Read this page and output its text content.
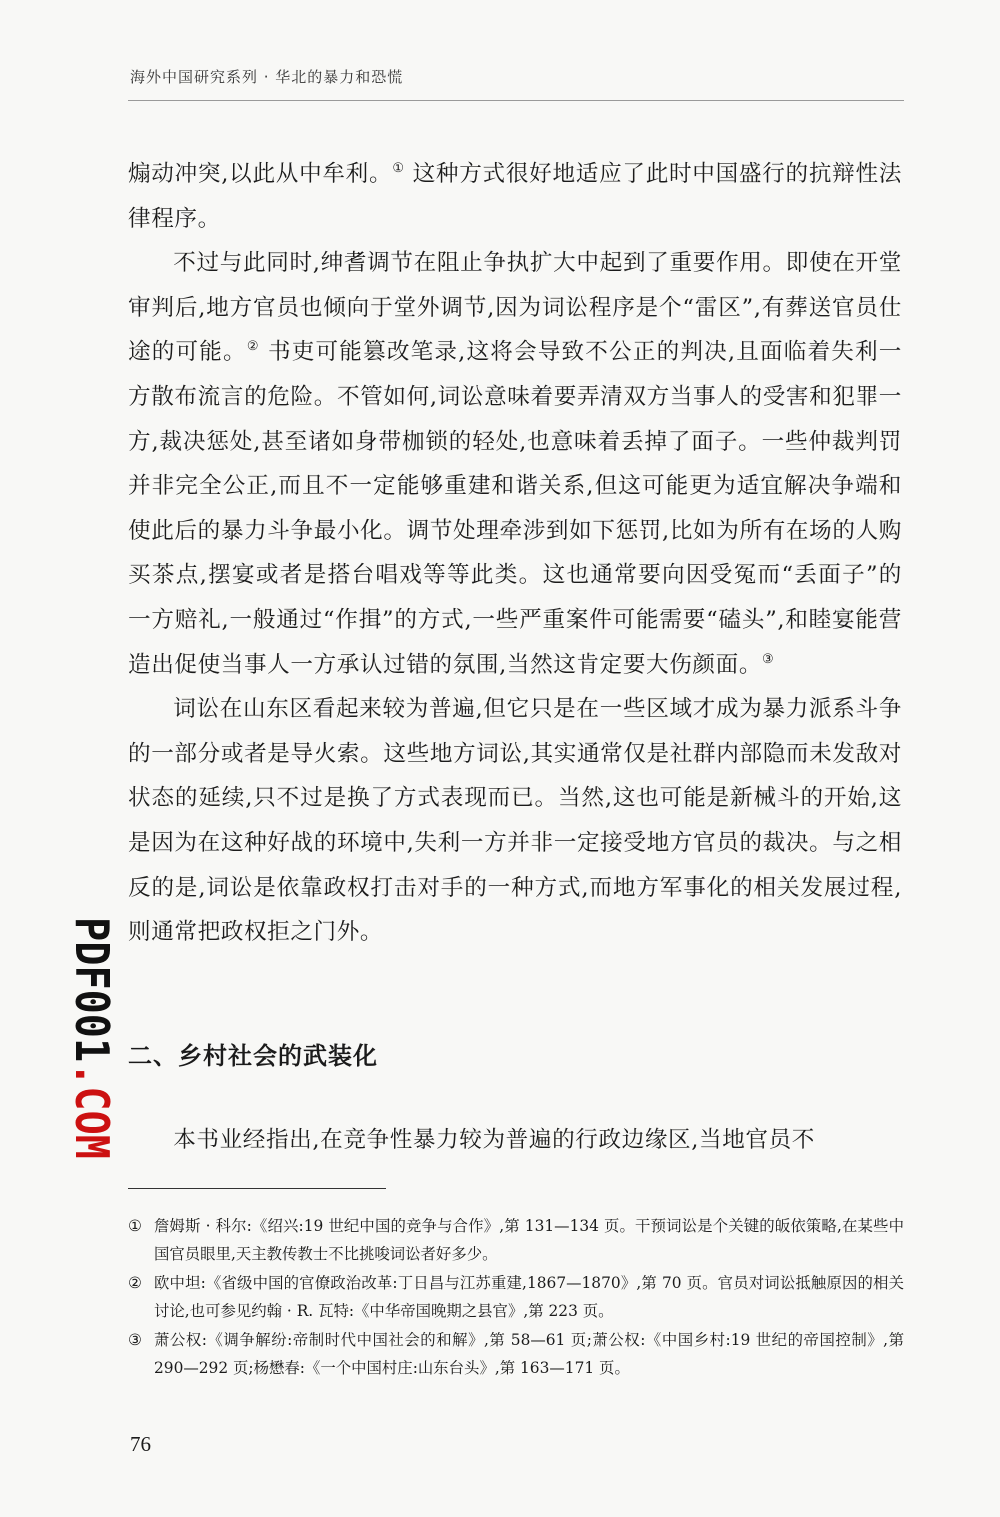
海外中国研究系列 · 华北的暴力和恐慌

煽动冲突,以此从中牟利。① 这种方式很好地适应了此时中国盛行的抗辩性法律程序。

不过与此同时,绅耆调节在阻止争执扩大中起到了重要作用。即使在开堂审判后,地方官员也倾向于堂外调节,因为词讼程序是个“雷区”,有葬送官员仕途的可能。② 书吏可能篡改笔录,这将会导致不公正的判决,且面临着失利一方散布流言的危险。不管如何,词讼意味着要弄清双方当事人的受害和犯罪一方,裁决惩处,甚至诸如身带枷锁的轻处,也意味着丢掉了面子。一些仲裁判罚并非完全公正,而且不一定能够重建和谐关系,但这可能更为适宜解决争端和使此后的暴力斗争最小化。调节处理牵涉到如下惩罚,比如为所有在场的人购买茶点,摆宴或者是搭台唱戏等等此类。这也通常要向因受冤而“丢面子”的一方赔礼,一般通过“作揖”的方式,一些严重案件可能需要“磕头”,和睦宴能营造出促使当事人一方承认过错的氛围,当然这肯定要大伤颜面。③

词讼在山东区看起来较为普遍,但它只是在一些区域才成为暴力派系斗争的一部分或者是导火索。这些地方词讼,其实通常仅是社群内部隐而未发敌对状态的延续,只不过是换了方式表现而已。当然,这也可能是新械斗的开始,这是因为在这种好战的环境中,失利一方并非一定接受地方官员的裁决。与之相反的是,词讼是依靠政权打击对手的一种方式,而地方军事化的相关发展过程,则通常把政权拒之门外。

二、乡村社会的武装化
本书业经指出,在竞争性暴力较为普遍的行政边缘区,当地官员不
① 詹姆斯 · 科尔:《绍兴:19 世纪中国的竞争与合作》,第 131—134 页。干预词讼是个关键的皈依策略,在某些中国官员眼里,天主教传教士不比挑唆词讼者好多少。
② 欧中坦:《省级中国的官僚政治改革:丁日昌与江苏重建,1867—1870》,第 70 页。官员对词讼抵触原因的相关讨论,也可参见约翰 · R. 瓦特:《中华帝国晚期之县官》,第 223 页。
③ 萧公权:《调争解纷:帝制时代中国社会的和解》,第 58—61 页;萧公权:《中国乡村:19 世纪的帝国控制》,第 290—292 页;杨懋春:《一个中国村庄:山东台头》,第 163—171 页。
76
PDF001.COM
